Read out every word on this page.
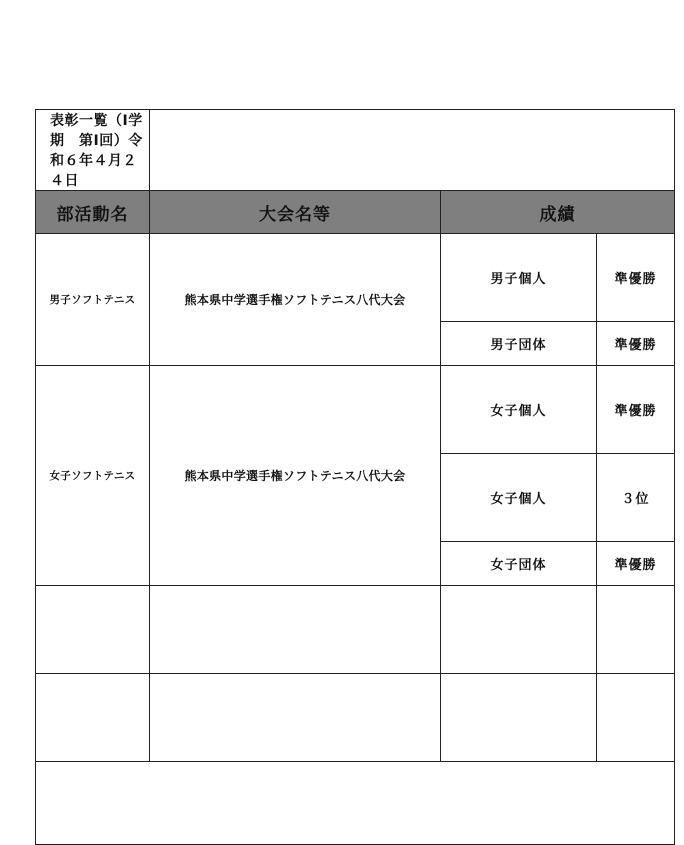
表彰一覧（Ⅰ学期　第Ⅰ回）令和６年４月２４日			
部活動名	大会名等	成績	
男子ソフトテニス	熊本県中学選手権ソフトテニス八代大会	男子個人	準優勝
		男子団体	準優勝
女子ソフトテニス	熊本県中学選手権ソフトテニス八代大会	女子個人	準優勝
		女子個人	３位
		女子団体	準優勝
